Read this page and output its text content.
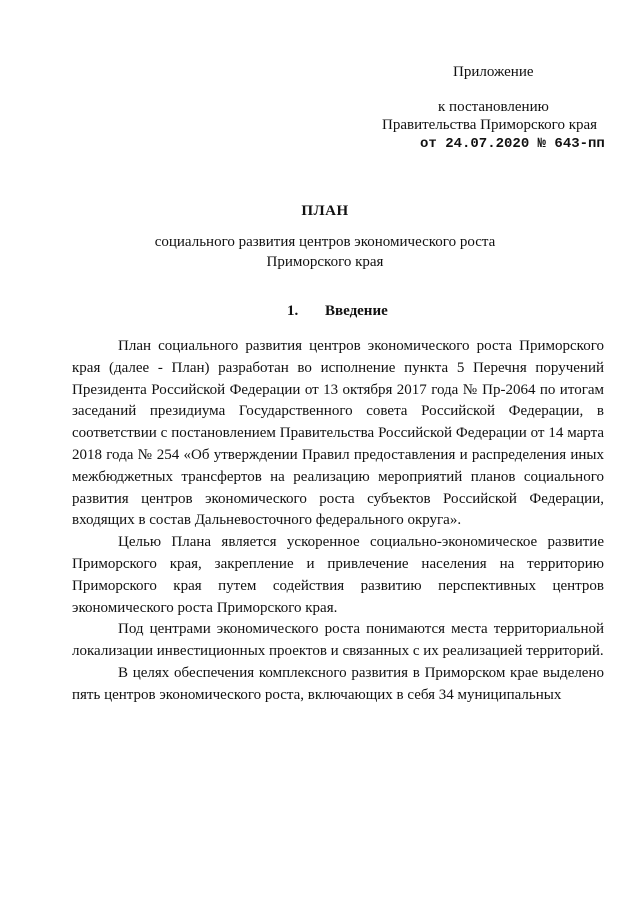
Приложение
к постановлению
Правительства Приморского края
от 24.07.2020 № 643-пп
ПЛАН
социального развития центров экономического роста
Приморского края
1. Введение

План социального развития центров экономического роста Приморского края (далее - План) разработан во исполнение пункта 5 Перечня поручений Президента Российской Федерации от 13 октября 2017 года № Пр-2064 по итогам заседаний президиума Государственного совета Российской Федерации, в соответствии с постановлением Правительства Российской Федерации от 14 марта 2018 года № 254 «Об утверждении Правил предоставления и распределения иных межбюджетных трансфертов на реализацию мероприятий планов социального развития центров экономического роста субъектов Российской Федерации, входящих в состав Дальневосточного федерального округа».

Целью Плана является ускоренное социально-экономическое развитие Приморского края, закрепление и привлечение населения на территорию Приморского края путем содействия развитию перспективных центров экономического роста Приморского края.

Под центрами экономического роста понимаются места территориальной локализации инвестиционных проектов и связанных с их реализацией территорий.

В целях обеспечения комплексного развития в Приморском крае выделено пять центров экономического роста, включающих в себя 34 муниципальных
